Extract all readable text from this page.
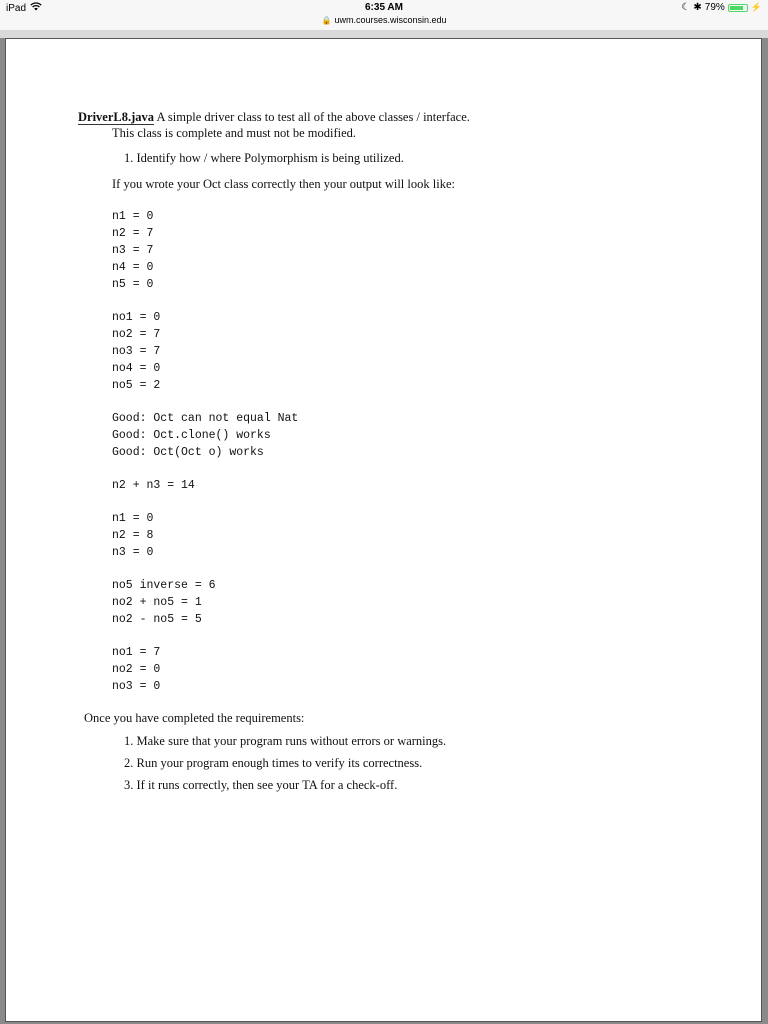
iPad	6:35 AM
🔒 uwm.courses.wisconsin.edu
☾ ✱ 79%	⚡
DriverL8.java A simple driver class to test all of the above classes / interface.
This class is complete and must not be modified.
1. Identify how / where Polymorphism is being utilized.
If you wrote your Oct class correctly then your output will look like:
n1 = 0
n2 = 7
n3 = 7
n4 = 0
n5 = 0
no1 = 0
no2 = 7
no3 = 7
no4 = 0
no5 = 2
Good: Oct can not equal Nat
Good: Oct.clone() works
Good: Oct(Oct o) works
n2 + n3 = 14
n1 = 0
n2 = 8
n3 = 0
no5 inverse = 6
no2 + no5 = 1
no2 - no5 = 5
no1 = 7
no2 = 0
no3 = 0
Once you have completed the requirements:
1. Make sure that your program runs without errors or warnings.
2. Run your program enough times to verify its correctness.
3. If it runs correctly, then see your TA for a check-off.
